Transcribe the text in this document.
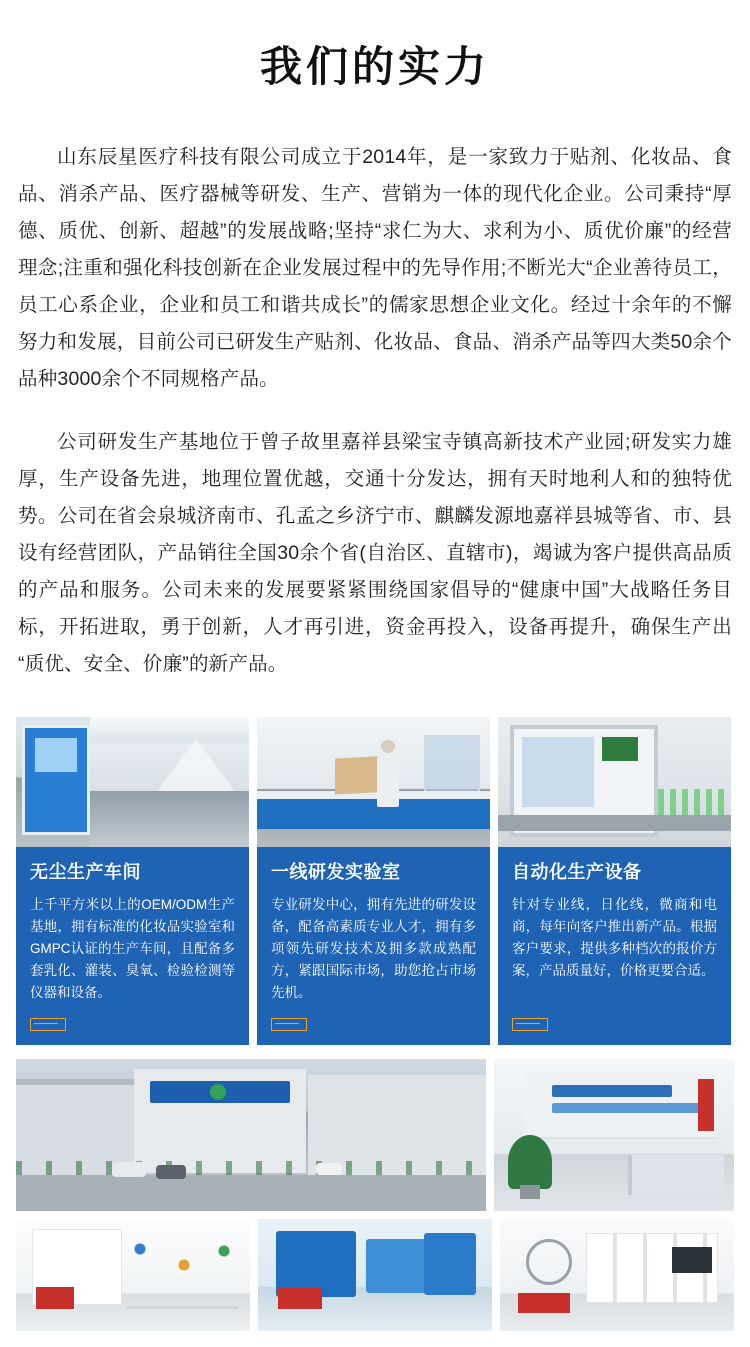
我们的实力

山东辰星医疗科技有限公司成立于2014年，是一家致力于贴剂、化妆品、食品、消杀产品、医疗器械等研发、生产、营销为一体的现代化企业。公司秉持“厚德、质优、创新、超越”的发展战略;坚持“求仁为大、求利为小、质优价廉”的经营理念;注重和强化科技创新在企业发展过程中的先导作用;不断光大“企业善待员工，员工心系企业，企业和员工和谐共成长”的儒家思想企业文化。经过十余年的不懈努力和发展，目前公司已研发生产贴剂、化妆品、食品、消杀产品等四大类50余个品种3000余个不同规格产品。

公司研发生产基地位于曾子故里嘉祥县梁宝寺镇高新技术产业园;研发实力雄厚，生产设备先进，地理位置优越，交通十分发达，拥有天时地利人和的独特优势。公司在省会泉城济南市、孔孟之乡济宁市、麒麟发源地嘉祥县城等省、市、县设有经营团队，产品销往全国30余个省(自治区、直辖市)，竭诚为客户提供高品质的产品和服务。公司未来的发展要紧紧围绕国家倡导的“健康中国”大战略任务目标，开拓进取，勇于创新，人才再引进，资金再投入，设备再提升，确保生产出“质优、安全、价廉”的新产品。

无尘生产车间
上千平方米以上的OEM/ODM生产基地，拥有标准的化妆品实验室和GMPC认证的生产车间，且配备多套乳化、灌装、臭氧、检验检测等仪器和设备。
一线研发实验室
专业研发中心，拥有先进的研发设备，配备高素质专业人才，拥有多项领先研发技术及拥多款成熟配方，紧跟国际市场，助您抢占市场先机。
自动化生产设备
针对专业线，日化线，微商和电商，每年向客户推出新产品。根据客户要求，提供多种档次的报价方案，产品质量好，价格更要合适。
